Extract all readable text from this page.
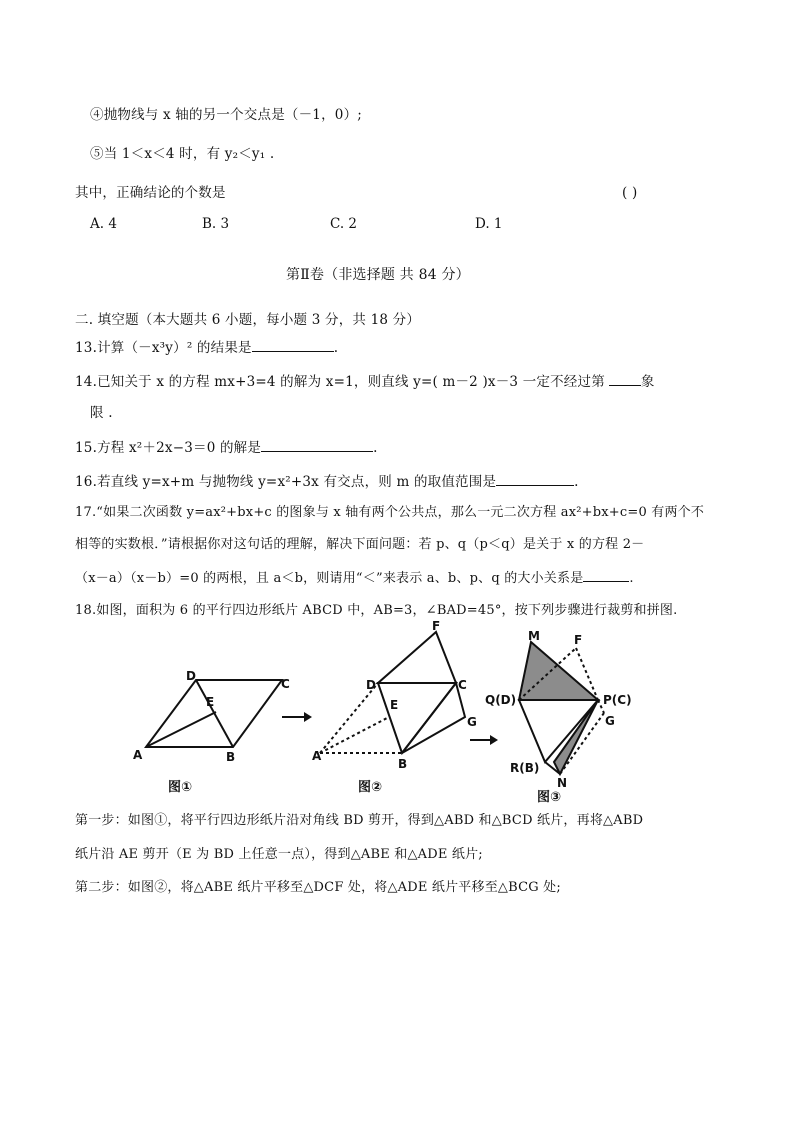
④抛物线与 x 轴的另一个交点是（－1，0）;
⑤当 1＜x＜4 时，有 y₂＜y₁ .
其中，正确结论的个数是	( )
A. 4	B. 3	C. 2	D. 1
第Ⅱ卷（非选择题 共 84 分）
二. 填空题（本大题共 6 小题，每小题 3 分，共 18 分）
13.计算（－x³y）² 的结果是	.
14.已知关于 x 的方程 mx+3=4 的解为 x=1，则直线 y=( m－2 )x－3 一定不经过第	象
限 .
15.方程 x²＋2x−3＝0 的解是	.
16.若直线 y=x+m 与抛物线 y=x²+3x 有交点，则 m 的取值范围是	.
17.“如果二次函数 y=ax²+bx+c 的图象与 x 轴有两个公共点，那么一元二次方程 ax²+bx+c=0 有两个不
相等的实数根．”请根据你对这句话的理解，解决下面问题：若 p、q（p＜q）是关于 x 的方程 2－
（x－a）（x－b）=0 的两根，且 a＜b，则请用“＜”来表示 a、b、p、q 的大小关系是	.
18.如图，面积为 6 的平行四边形纸片 ABCD 中，AB=3，∠BAD=45°，按下列步骤进行裁剪和拼图.
A	B
C
D
E
A
B
C
D
E
F
G
M	F
Q(D)	P(C)
G
R(B)
N
图①	图②
图③
第一步：如图①，将平行四边形纸片沿对角线 BD 剪开，得到△ABD 和△BCD 纸片，再将△ABD
纸片沿 AE 剪开（E 为 BD 上任意一点），得到△ABE 和△ADE 纸片;
第二步：如图②，将△ABE 纸片平移至△DCF 处，将△ADE 纸片平移至△BCG 处;
